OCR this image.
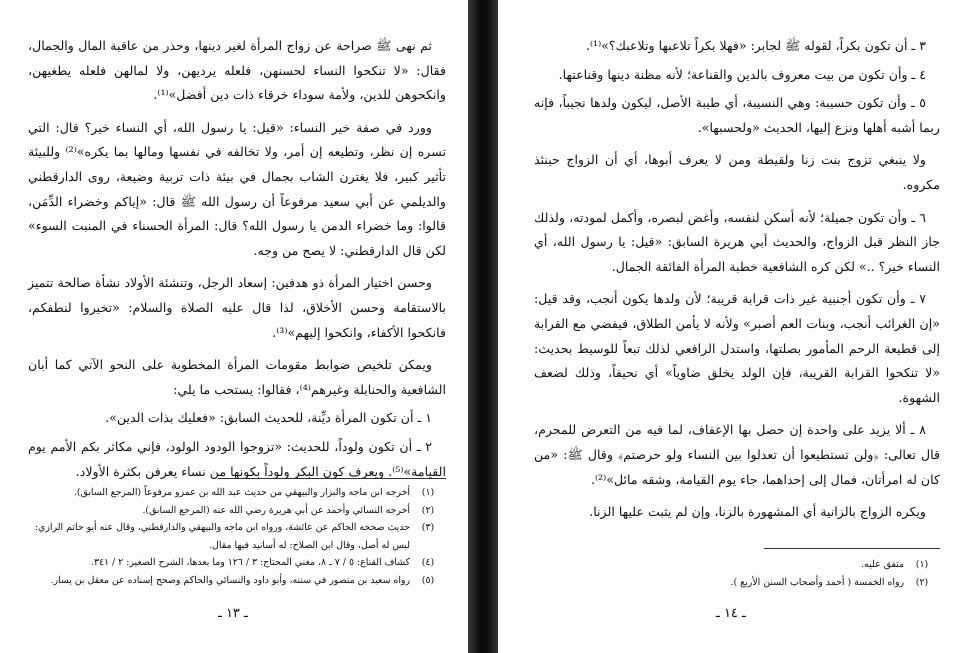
ثم نهى ﷺ صراحة عن زواج المرأة لغير دينها، وحذر من عاقبة المال والجمال، فقال: «لا تنكحوا النساء لحسنهن، فلعله يرديهن، ولا لمالهن فلعله يطغيهن، وانكحوهن للدين، ولأمة سوداء خرقاء ذات دين أفضل»⁽¹⁾.

وورد في صفة خير النساء: «قيل: يا رسول الله، أي النساء خير؟ قال: التي تسره إن نظر، وتطيعه إن أمر، ولا تخالفه في نفسها ومالها بما يكره»⁽²⁾ وللبيئة تأثير كبير، فلا يغترن الشاب بجمال في بيئة ذات تربية وضيعة، روى الدارقطني والديلمي عن أبي سعيد مرفوعاً أن رسول الله ﷺ قال: «إياكم وخضراء الدِّمَن، قالوا: وما خضراء الدمن يا رسول الله؟ قال: المرأة الحسناء في المنبت السوء» لكن قال الدارقطني: لا يصح من وجه.

وحسن اختيار المرأة ذو هدفين: إسعاد الرجل، وتنشئة الأولاد نشأة صالحة تتميز بالاستقامة وحسن الأخلاق، لذا قال عليه الصلاة والسلام: «تخيروا لنطفكم، فانكحوا الأكفاء، وانكحوا إليهم»⁽³⁾.

ويمكن تلخيص ضوابط مقومات المرأة المخطوبة على النحو الآتي كما أبان الشافعية والحنابلة وغيرهم⁽⁴⁾، فقالوا: يستحب ما يلي:

١ ـ أن تكون المرأة ديِّنة، للحديث السابق: «فعليك بذات الدين».

٢ ـ أن تكون ولوداً، للحديث: «تزوجوا الودود الولود، فإني مكاثر بكم الأمم يوم القيامة»⁽⁵⁾. ويعرف كون البكر ولوداً بكونها من نساء يعرفن بكثرة الأولاد.

(١)
أخرجه ابن ماجه والبزار والبيهقي من حديث عبد الله بن عمرو مرفوعاً (المرجع السابق).
(٢)
أخرجه النسائي وأحمد عن أبي هريرة رضي الله عنه (المرجع السابق).
(٣)
حديث صححه الحاكم عن عائشة، ورواه ابن ماجه والبيهقي والدارقطني، وقال عنه أبو حاتم الرازي: ليس له أصل، وقال ابن الصلاح: له أسانيد فيها مقال.
(٤)
كشاف القناع: ٥ / ٧ ـ ٨، مغني المحتاج: ٣ / ١٢٦ وما بعدها، الشرح الصغير: ٢ / ٣٤١.
(٥)
رواه سعيد بن منصور في سننه، وأبو داود والنسائي والحاكم وصحح إسناده عن معقل بن يسار.
ـ ١٣ ـ

٣ ـ أن تكون بكراً، لقوله ﷺ لجابر: «فهلا بكراً تلاعبها وتلاعبك؟»⁽¹⁾.

٤ ـ وأن تكون من بيت معروف بالدين والقناعة؛ لأنه مظنة دينها وقناعتها.

٥ ـ وأن تكون حسيبة: وهي النسيبة، أي طيبة الأصل، ليكون ولدها نجيباً، فإنه ربما أشبه أهلها ونزع إليها، الحديث «ولحسبها».

ولا ينبغي تزوج بنت زنا ولقيطة ومن لا يعرف أبوها، أي أن الزواج حينئذ مكروه.

٦ ـ وأن تكون جميلة؛ لأنه أسكن لنفسه، وأغض لبصره، وأكمل لمودته، ولذلك جاز النظر قبل الزواج، والحديث أبي هريرة السابق: «قيل: يا رسول الله، أي النساء خير؟ ..» لكن كره الشافعية خطبة المرأة الفائقة الجمال.

٧ ـ وأن تكون أجنبية غير ذات قرابة قريبة؛ لأن ولدها يكون أنجب، وقد قيل: «إن الغرائب أنجب، وبنات العم أصبر» ولأنه لا يأمن الطلاق، فيفضي مع القرابة إلى قطيعة الرحم المأمور بصلتها، واستدل الرافعي لذلك تبعاً للوسيط بحديث: «لا تنكحوا القرابة القريبة، فإن الولد يخلق ضاوياً» أي نحيفاً، وذلك لضعف الشهوة.

٨ ـ ألا يزيد على واحدة إن حصل بها الإعفاف، لما فيه من التعرض للمحرم، قال تعالى: ﴿ولن تستطيعوا أن تعدلوا بين النساء ولو حرصتم﴾ وقال ﷺ: «من كان له امرأتان، فمال إلى إحداهما، جاء يوم القيامة، وشقه مائل»⁽²⁾.

ويكره الزواج بالزانية أي المشهورة بالزنا، وإن لم يثبت عليها الزنا.

(١)
متفق عليه.
(٢)
رواه الخمسة ( أحمد وأصحاب السنن الأربع ).
ـ ١٤ ـ
